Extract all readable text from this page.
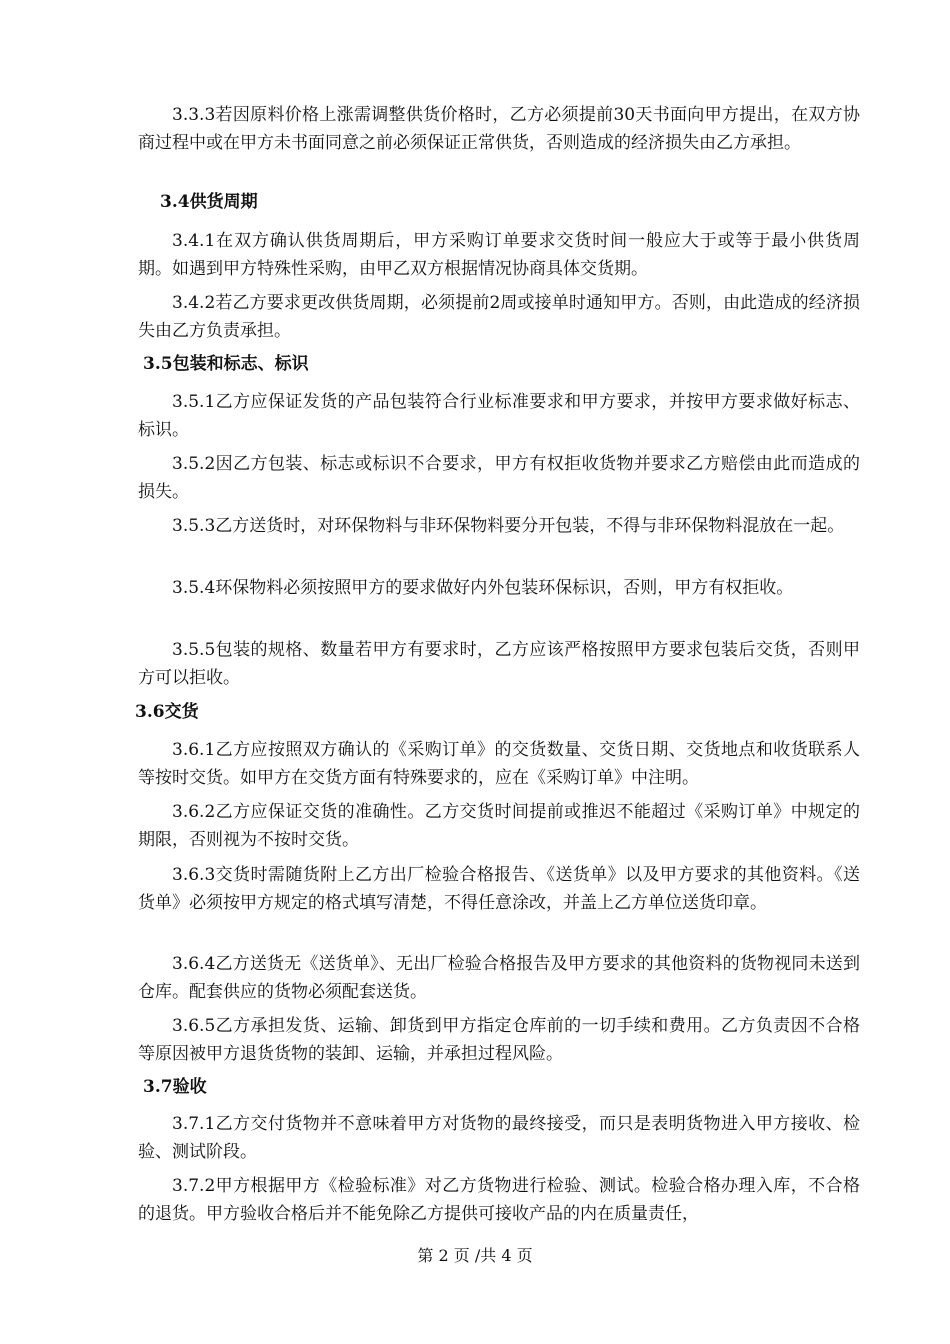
3.3.3若因原料价格上涨需调整供货价格时，乙方必须提前30天书面向甲方提出，在双方协商过程中或在甲方未书面同意之前必须保证正常供货，否则造成的经济损失由乙方承担。

3.4供货周期

3.4.1在双方确认供货周期后，甲方采购订单要求交货时间一般应大于或等于最小供货周期。如遇到甲方特殊性采购，由甲乙双方根据情况协商具体交货期。

3.4.2若乙方要求更改供货周期，必须提前2周或接单时通知甲方。否则，由此造成的经济损失由乙方负责承担。

3.5包装和标志、标识

3.5.1乙方应保证发货的产品包装符合行业标准要求和甲方要求，并按甲方要求做好标志、标识。

3.5.2因乙方包装、标志或标识不合要求，甲方有权拒收货物并要求乙方赔偿由此而造成的损失。

3.5.3乙方送货时，对环保物料与非环保物料要分开包装，不得与非环保物料混放在一起。

3.5.4环保物料必须按照甲方的要求做好内外包装环保标识，否则，甲方有权拒收。

3.5.5包装的规格、数量若甲方有要求时，乙方应该严格按照甲方要求包装后交货，否则甲方可以拒收。

3.6交货

3.6.1乙方应按照双方确认的《采购订单》的交货数量、交货日期、交货地点和收货联系人等按时交货。如甲方在交货方面有特殊要求的，应在《采购订单》中注明。

3.6.2乙方应保证交货的准确性。乙方交货时间提前或推迟不能超过《采购订单》中规定的期限，否则视为不按时交货。

3.6.3交货时需随货附上乙方出厂检验合格报告、《送货单》以及甲方要求的其他资料。《送货单》必须按甲方规定的格式填写清楚，不得任意涂改，并盖上乙方单位送货印章。

3.6.4乙方送货无《送货单》、无出厂检验合格报告及甲方要求的其他资料的货物视同未送到仓库。配套供应的货物必须配套送货。

3.6.5乙方承担发货、运输、卸货到甲方指定仓库前的一切手续和费用。乙方负责因不合格等原因被甲方退货货物的装卸、运输，并承担过程风险。

3.7验收

3.7.1乙方交付货物并不意味着甲方对货物的最终接受，而只是表明货物进入甲方接收、检验、测试阶段。

3.7.2甲方根据甲方《检验标准》对乙方货物进行检验、测试。检验合格办理入库，不合格的退货。甲方验收合格后并不能免除乙方提供可接收产品的内在质量责任，

第 2 页 /共 4 页
